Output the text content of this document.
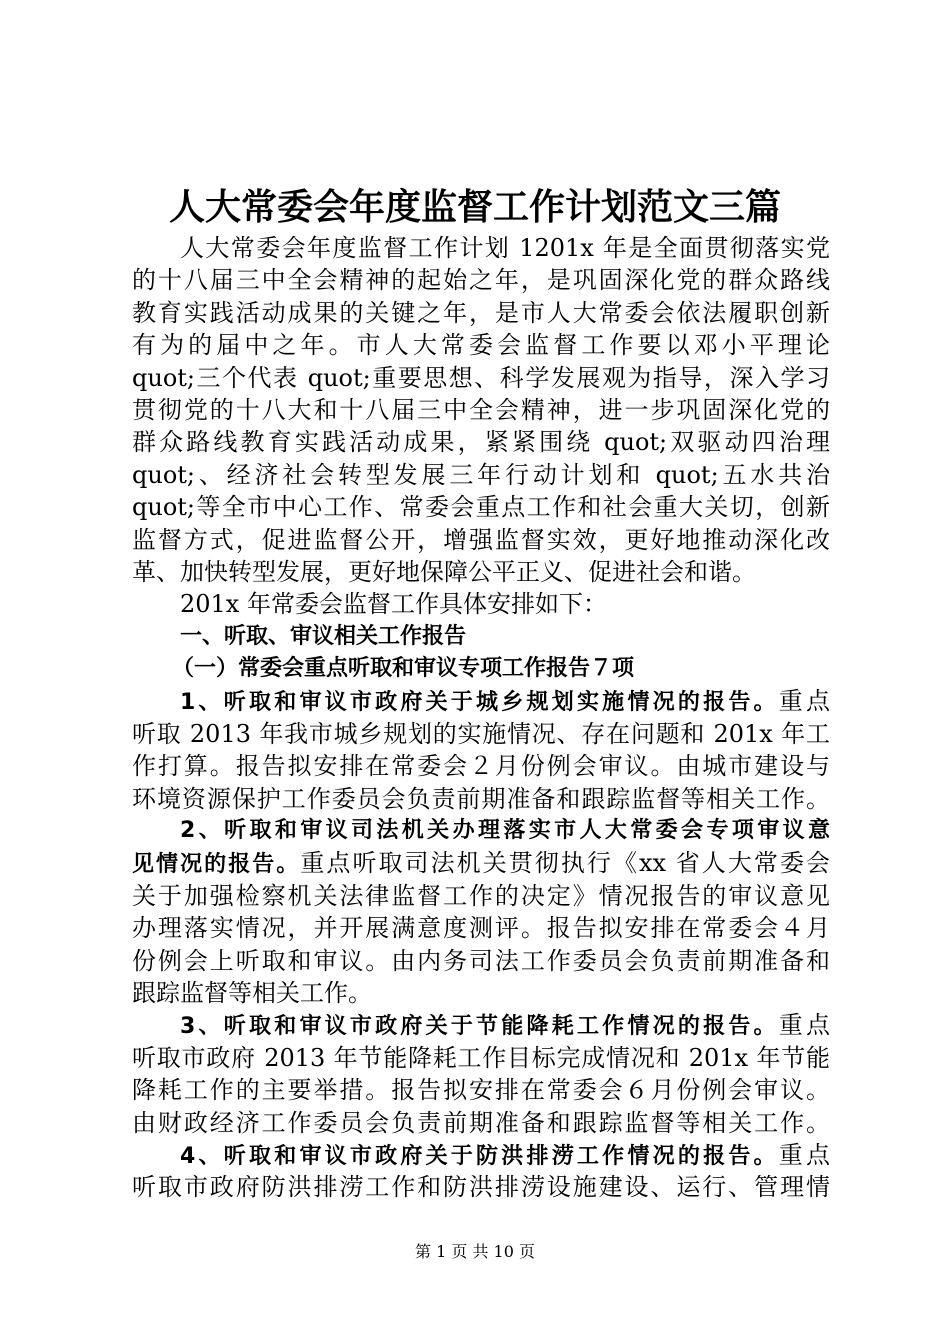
人大常委会年度监督工作计划范文三篇
人大常委会年度监督工作计划 1201x 年是全面贯彻落实党
的十八届三中全会精神的起始之年，是巩固深化党的群众路线
教育实践活动成果的关键之年，是市人大常委会依法履职创新
有为的届中之年。市人大常委会监督工作要以邓小平理论
quot;三个代表 quot;重要思想、科学发展观为指导，深入学习
贯彻党的十八大和十八届三中全会精神，进一步巩固深化党的
群众路线教育实践活动成果，紧紧围绕 quot;双驱动四治理
quot;、经济社会转型发展三年行动计划和 quot;五水共治
quot;等全市中心工作、常委会重点工作和社会重大关切，创新
监督方式，促进监督公开，增强监督实效，更好地推动深化改
革、加快转型发展，更好地保障公平正义、促进社会和谐。
201x 年常委会监督工作具体安排如下：
一、听取、审议相关工作报告
（一）常委会重点听取和审议专项工作报告７项
1、听取和审议市政府关于城乡规划实施情况的报告。重点
听取 2013 年我市城乡规划的实施情况、存在问题和 201x 年工
作打算。报告拟安排在常委会２月份例会审议。由城市建设与
环境资源保护工作委员会负责前期准备和跟踪监督等相关工作。
2、听取和审议司法机关办理落实市人大常委会专项审议意
见情况的报告。重点听取司法机关贯彻执行《xx 省人大常委会
关于加强检察机关法律监督工作的决定》情况报告的审议意见
办理落实情况，并开展满意度测评。报告拟安排在常委会４月
份例会上听取和审议。由内务司法工作委员会负责前期准备和
跟踪监督等相关工作。
3、听取和审议市政府关于节能降耗工作情况的报告。重点
听取市政府 2013 年节能降耗工作目标完成情况和 201x 年节能
降耗工作的主要举措。报告拟安排在常委会６月份例会审议。
由财政经济工作委员会负责前期准备和跟踪监督等相关工作。
4、听取和审议市政府关于防洪排涝工作情况的报告。重点
听取市政府防洪排涝工作和防洪排涝设施建设、运行、管理情
第 1 页 共 10 页
